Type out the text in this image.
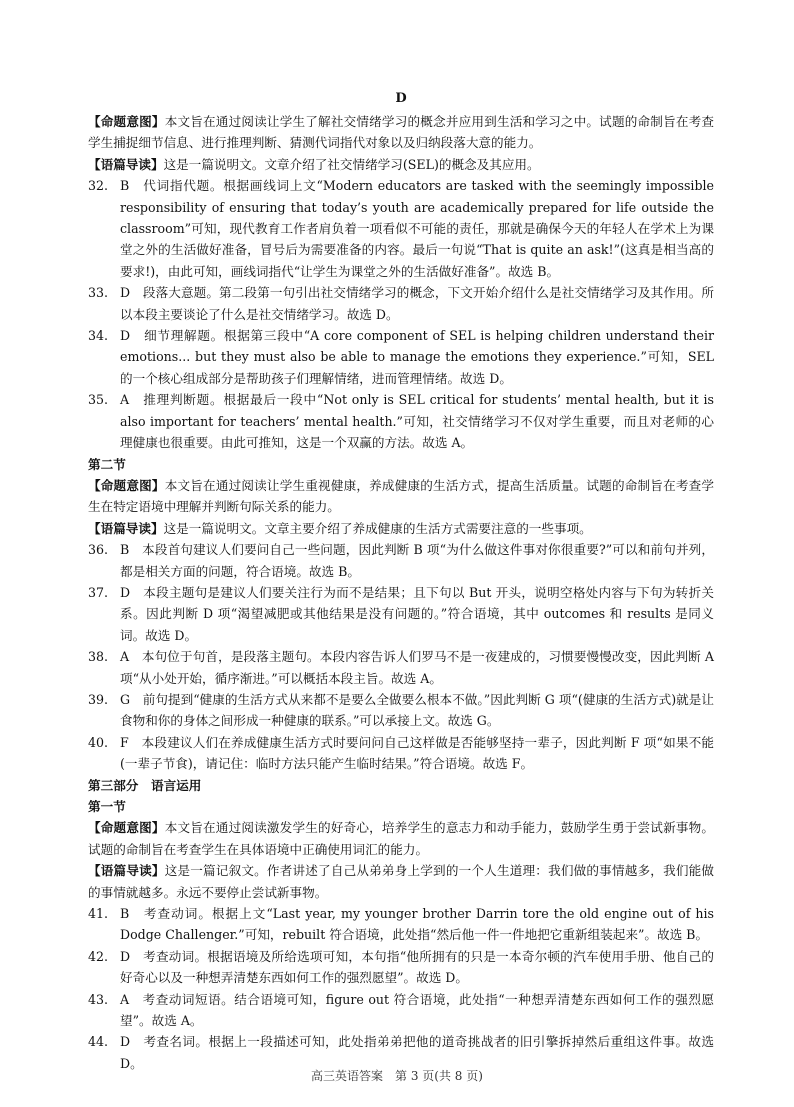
D

【命题意图】本文旨在通过阅读让学生了解社交情绪学习的概念并应用到生活和学习之中。试题的命制旨在考查学生捕捉细节信息、进行推理判断、猜测代词指代对象以及归纳段落大意的能力。

【语篇导读】这是一篇说明文。文章介绍了社交情绪学习(SEL)的概念及其应用。

32. B　代词指代题。根据画线词上文“Modern educators are tasked with the seemingly impossible responsibility of ensuring that today’s youth are academically prepared for life outside the classroom”可知，现代教育工作者肩负着一项看似不可能的责任，那就是确保今天的年轻人在学术上为课堂之外的生活做好准备，冒号后为需要准备的内容。最后一句说“That is quite an ask!”(这真是相当高的要求!)，由此可知，画线词指代“让学生为课堂之外的生活做好准备”。故选 B。
33. D　段落大意题。第二段第一句引出社交情绪学习的概念，下文开始介绍什么是社交情绪学习及其作用。所以本段主要谈论了什么是社交情绪学习。故选 D。
34. D　细节理解题。根据第三段中“A core component of SEL is helping children understand their emotions... but they must also be able to manage the emotions they experience.”可知，SEL 的一个核心组成部分是帮助孩子们理解情绪，进而管理情绪。故选 D。
35. A　推理判断题。根据最后一段中“Not only is SEL critical for students’ mental health, but it is also important for teachers’ mental health.”可知，社交情绪学习不仅对学生重要，而且对老师的心理健康也很重要。由此可推知，这是一个双赢的方法。故选 A。
第二节

【命题意图】本文旨在通过阅读让学生重视健康，养成健康的生活方式，提高生活质量。试题的命制旨在考查学生在特定语境中理解并判断句际关系的能力。

【语篇导读】这是一篇说明文。文章主要介绍了养成健康的生活方式需要注意的一些事项。

36. B　本段首句建议人们要问自己一些问题，因此判断 B 项“为什么做这件事对你很重要?”可以和前句并列，都是相关方面的问题，符合语境。故选 B。
37. D　本段主题句是建议人们要关注行为而不是结果；且下句以 But 开头，说明空格处内容与下句为转折关系。因此判断 D 项“渴望减肥或其他结果是没有问题的。”符合语境，其中 outcomes 和 results 是同义词。故选 D。
38. A　本句位于句首，是段落主题句。本段内容告诉人们罗马不是一夜建成的，习惯要慢慢改变，因此判断 A 项“从小处开始，循序渐进。”可以概括本段主旨。故选 A。
39. G　前句提到“健康的生活方式从来都不是要么全做要么根本不做。”因此判断 G 项“(健康的生活方式)就是让食物和你的身体之间形成一种健康的联系。”可以承接上文。故选 G。
40. F　本段建议人们在养成健康生活方式时要问问自己这样做是否能够坚持一辈子，因此判断 F 项“如果不能(一辈子节食)，请记住：临时方法只能产生临时结果。”符合语境。故选 F。
第三部分　语言运用
第一节

【命题意图】本文旨在通过阅读激发学生的好奇心，培养学生的意志力和动手能力，鼓励学生勇于尝试新事物。试题的命制旨在考查学生在具体语境中正确使用词汇的能力。

【语篇导读】这是一篇记叙文。作者讲述了自己从弟弟身上学到的一个人生道理：我们做的事情越多，我们能做的事情就越多。永远不要停止尝试新事物。

41. B　考查动词。根据上文“Last year, my younger brother Darrin tore the old engine out of his Dodge Challenger.”可知，rebuilt 符合语境，此处指“然后他一件一件地把它重新组装起来”。故选 B。
42. D　考查动词。根据语境及所给选项可知，本句指“他所拥有的只是一本奇尔顿的汽车使用手册、他自己的好奇心以及一种想弄清楚东西如何工作的强烈愿望”。故选 D。
43. A　考查动词短语。结合语境可知，figure out 符合语境，此处指“一种想弄清楚东西如何工作的强烈愿望”。故选 A。
44. D　考查名词。根据上一段描述可知，此处指弟弟把他的道奇挑战者的旧引擎拆掉然后重组这件事。故选 D。
高三英语答案　第 3 页(共 8 页)
